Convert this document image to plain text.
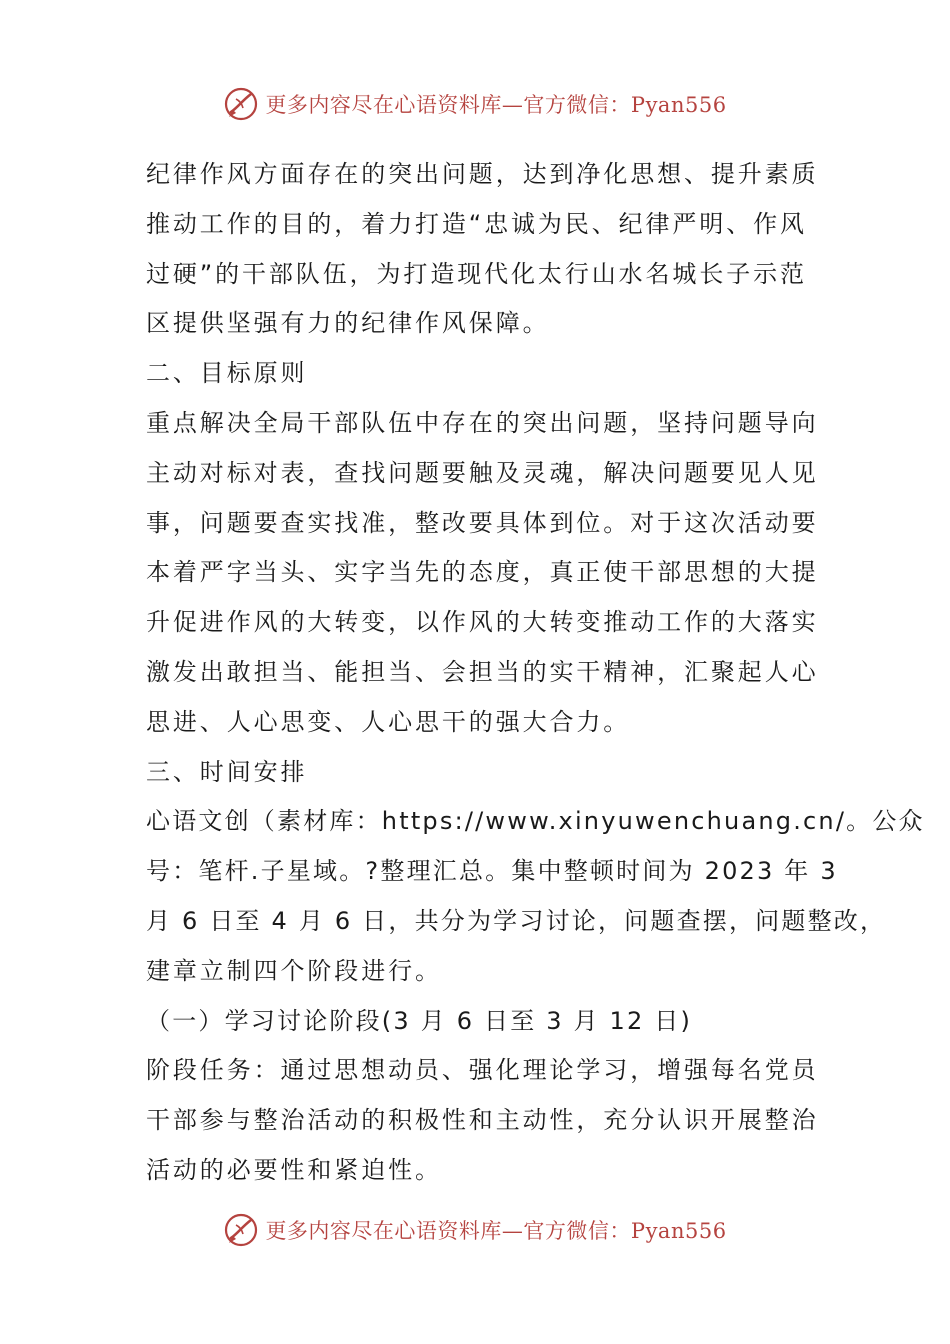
更多内容尽在心语资料库—官方微信：Pyan556
纪律作风方面存在的突出问题，达到净化思想、提升素质
推动工作的目的，着力打造“忠诚为民、纪律严明、作风
过硬”的干部队伍，为打造现代化太行山水名城长子示范
区提供坚强有力的纪律作风保障。
二、目标原则
重点解决全局干部队伍中存在的突出问题，坚持问题导向
主动对标对表，查找问题要触及灵魂，解决问题要见人见
事，问题要查实找准，整改要具体到位。对于这次活动要
本着严字当头、实字当先的态度，真正使干部思想的大提
升促进作风的大转变，以作风的大转变推动工作的大落实
激发出敢担当、能担当、会担当的实干精神，汇聚起人心
思进、人心思变、人心思干的强大合力。
三、时间安排
心语文创（素材库：https://www.xinyuwenchuang.cn/。公众
号：笔杆.子星域。?整理汇总。集中整顿时间为 2023 年 3
月 6 日至 4 月 6 日，共分为学习讨论，问题查摆，问题整改，
建章立制四个阶段进行。
（一）学习讨论阶段(3 月 6 日至 3 月 12 日)
阶段任务：通过思想动员、强化理论学习，增强每名党员
干部参与整治活动的积极性和主动性，充分认识开展整治
活动的必要性和紧迫性。
更多内容尽在心语资料库—官方微信：Pyan556
